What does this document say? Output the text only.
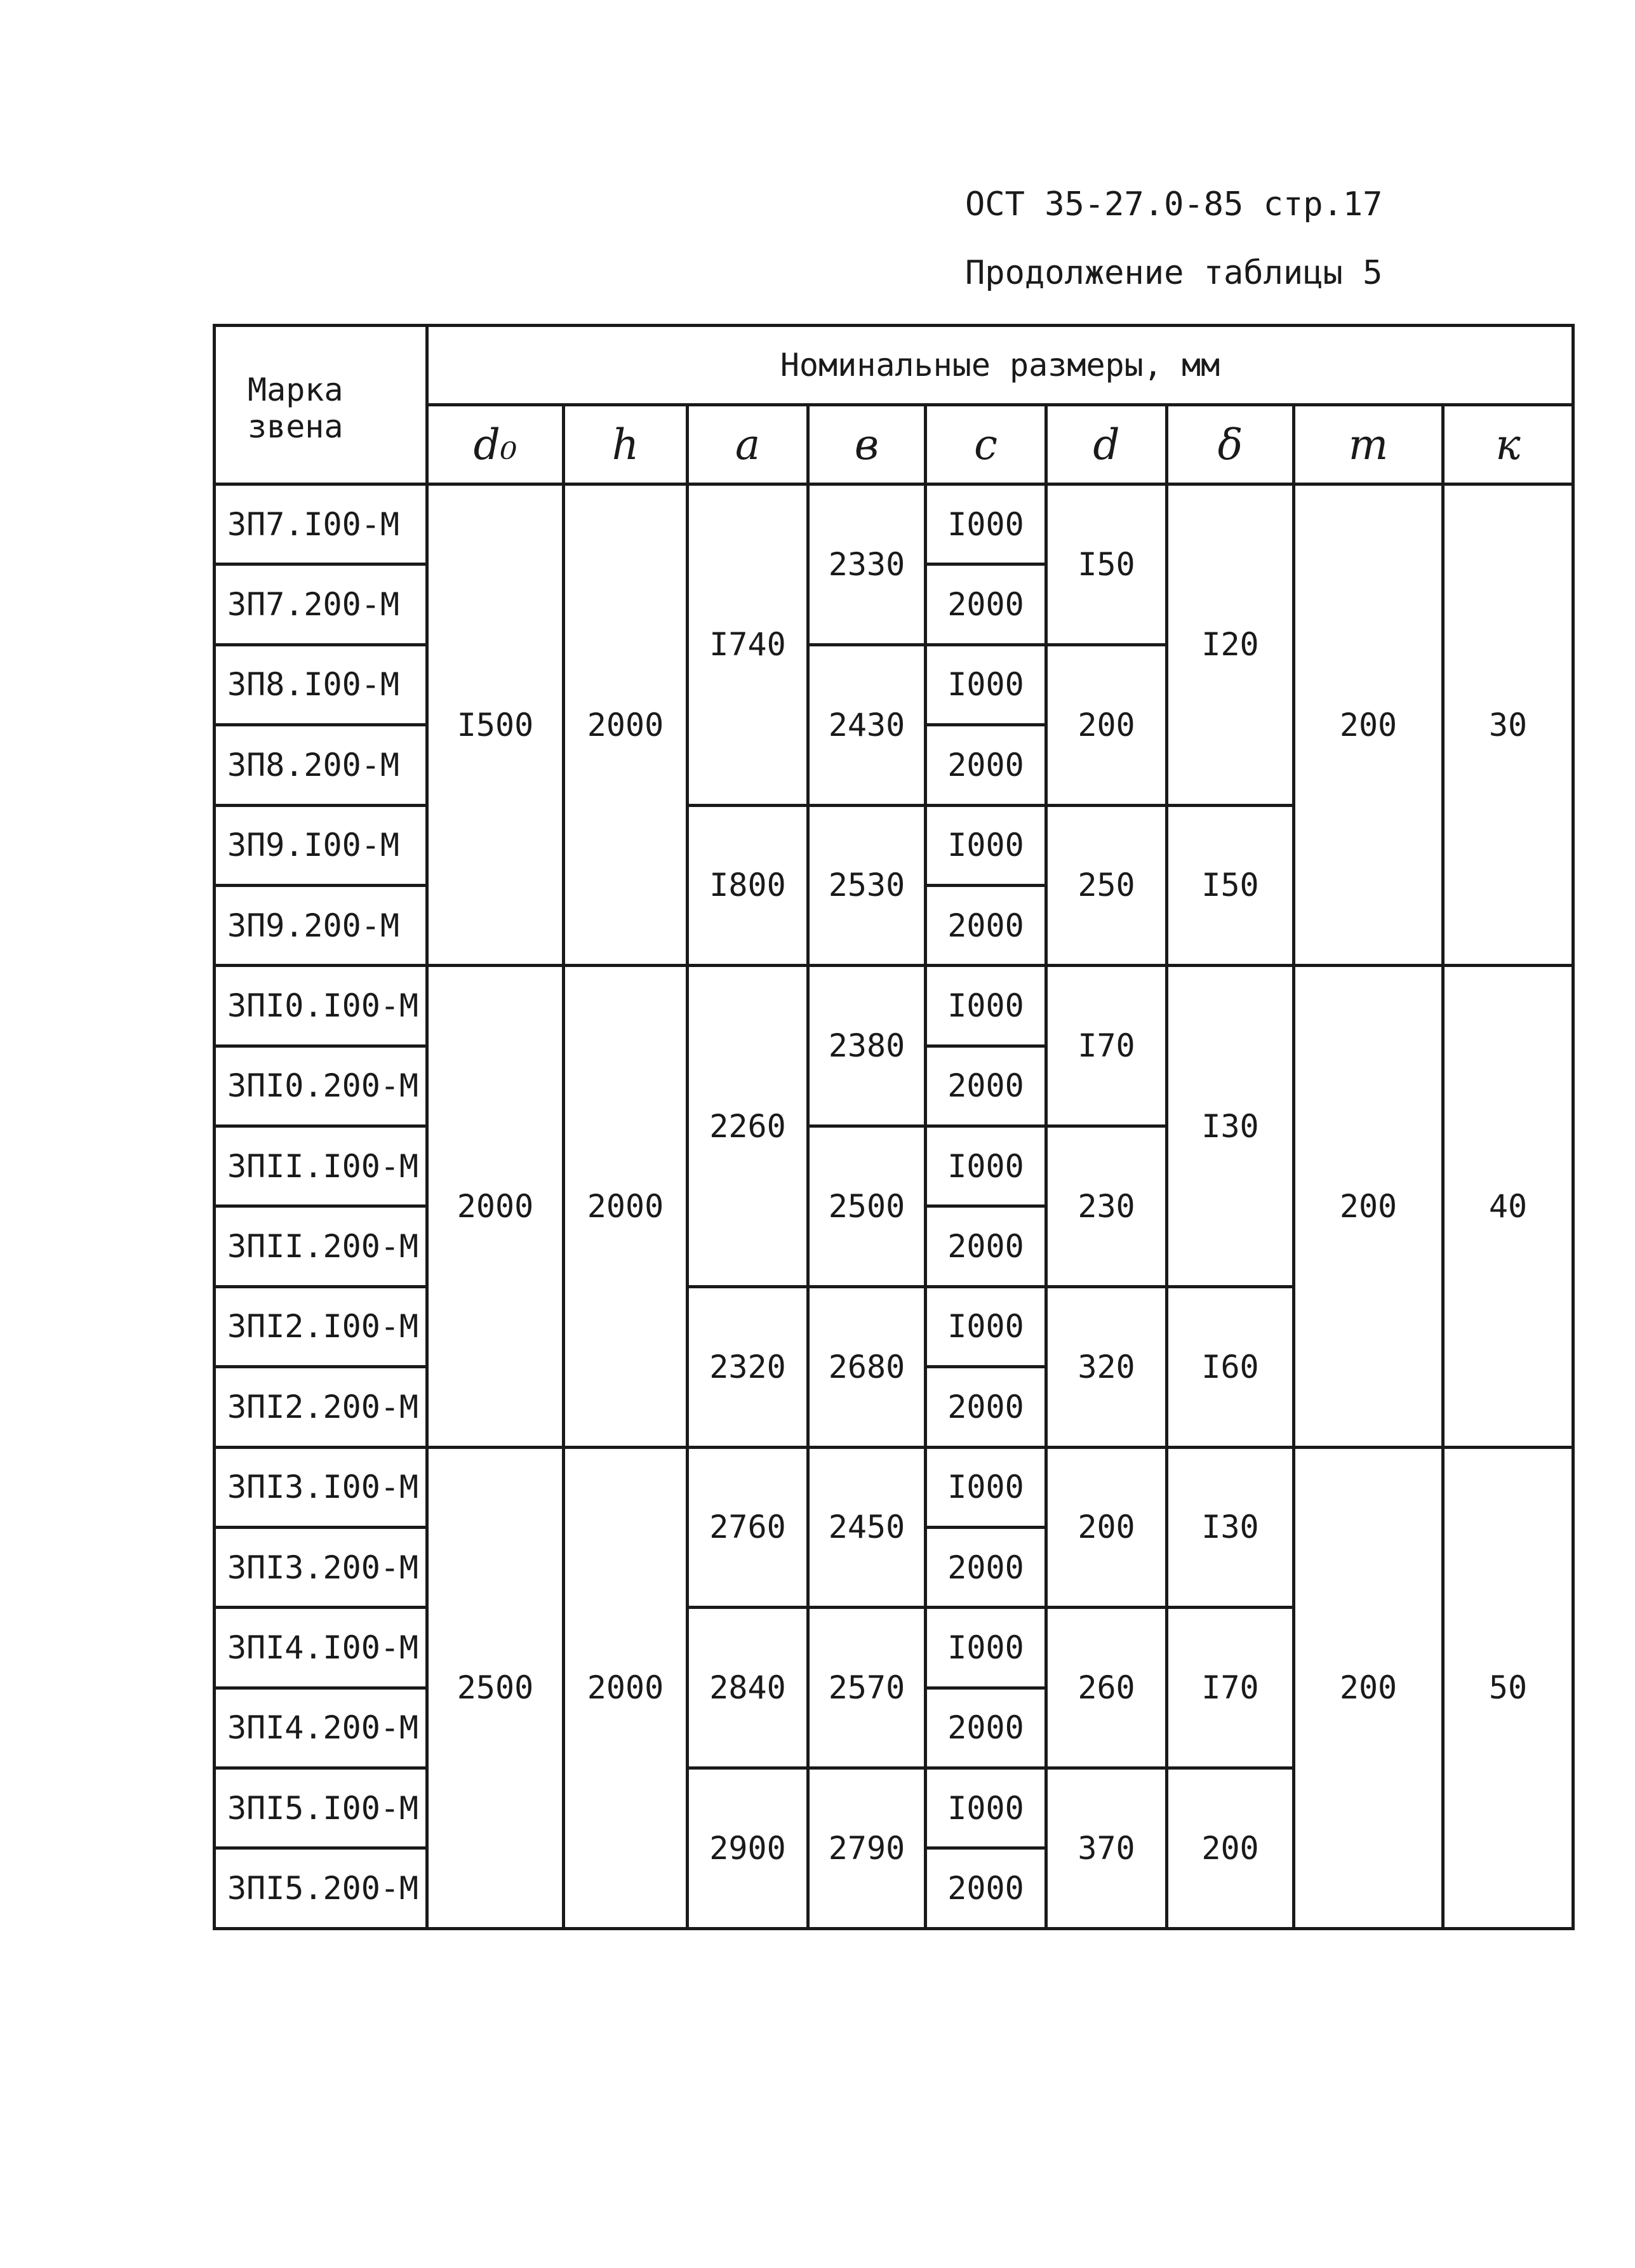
ОСТ 35-27.0-85 стр.17
Продолжение таблицы 5
Марка звена	Номинальные размеры, мм								
	d₀	h	a	в	c	d	δ	m	к
3П7.I00-М	I500	2000	I740	2330	I000	I50	I20	200	30
3П7.200-М					2000				
3П8.I00-М				2430	I000	200			
3П8.200-М					2000				
3П9.I00-М			I800	2530	I000	250	I50		
3П9.200-М					2000				
3ПI0.I00-М	2000	2000	2260	2380	I000	I70	I30	200	40
3ПI0.200-М					2000				
3ПII.I00-М				2500	I000	230			
3ПII.200-М					2000				
3ПI2.I00-М			2320	2680	I000	320	I60		
3ПI2.200-М					2000				
3ПI3.I00-М	2500	2000	2760	2450	I000	200	I30	200	50
3ПI3.200-М					2000				
3ПI4.I00-М			2840	2570	I000	260	I70		
3ПI4.200-М					2000				
3ПI5.I00-М			2900	2790	I000	370	200		
3ПI5.200-М					2000				
